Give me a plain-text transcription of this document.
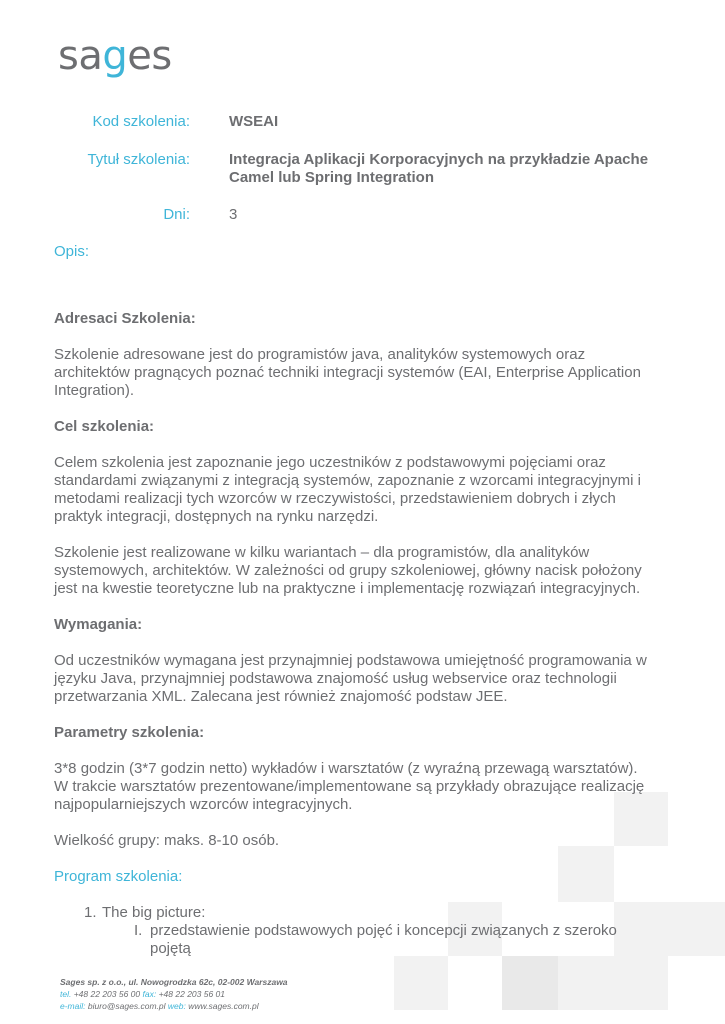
sages
Kod szkolenia:	WSEAI
Tytuł szkolenia:	Integracja Aplikacji Korporacyjnych na przykładzie Apache
Camel lub Spring Integration
Dni:	3
Opis:
Adresaci Szkolenia:

Szkolenie adresowane jest do programistów java, analityków systemowych oraz architektów pragnących poznać techniki integracji systemów (EAI, Enterprise Application Integration).

Cel szkolenia:

Celem szkolenia jest zapoznanie jego uczestników z podstawowymi pojęciami oraz standardami związanymi z integracją systemów, zapoznanie z wzorcami integracyjnymi i metodami realizacji tych wzorców w rzeczywistości, przedstawieniem dobrych i złych praktyk integracji, dostępnych na rynku narzędzi.

Szkolenie jest realizowane w kilku wariantach – dla programistów, dla analityków systemowych, architektów. W zależności od grupy szkoleniowej, główny nacisk położony jest na kwestie teoretyczne lub na praktyczne i implementację rozwiązań integracyjnych.

Wymagania:

Od uczestników wymagana jest przynajmniej podstawowa umiejętność programowania w języku Java, przynajmniej podstawowa znajomość usług webservice oraz technologii przetwarzania XML. Zalecana jest również znajomość podstaw JEE.

Parametry szkolenia:

3*8 godzin (3*7 godzin netto) wykładów i warsztatów (z wyraźną przewagą warsztatów). W trakcie warsztatów prezentowane/implementowane są przykłady obrazujące realizację najpopularniejszych wzorców integracyjnych.

Wielkość grupy: maks. 8-10 osób.

Program szkolenia:
1. The big picture:
I. przedstawienie podstawowych pojęć i koncepcji związanych z szeroko pojętą
Sages sp. z o.o., ul. Nowogrodzka 62c, 02-002 Warszawa
tel. +48 22 203 56 00 fax: +48 22 203 56 01
e-mail: biuro@sages.com.pl web: www.sages.com.pl
